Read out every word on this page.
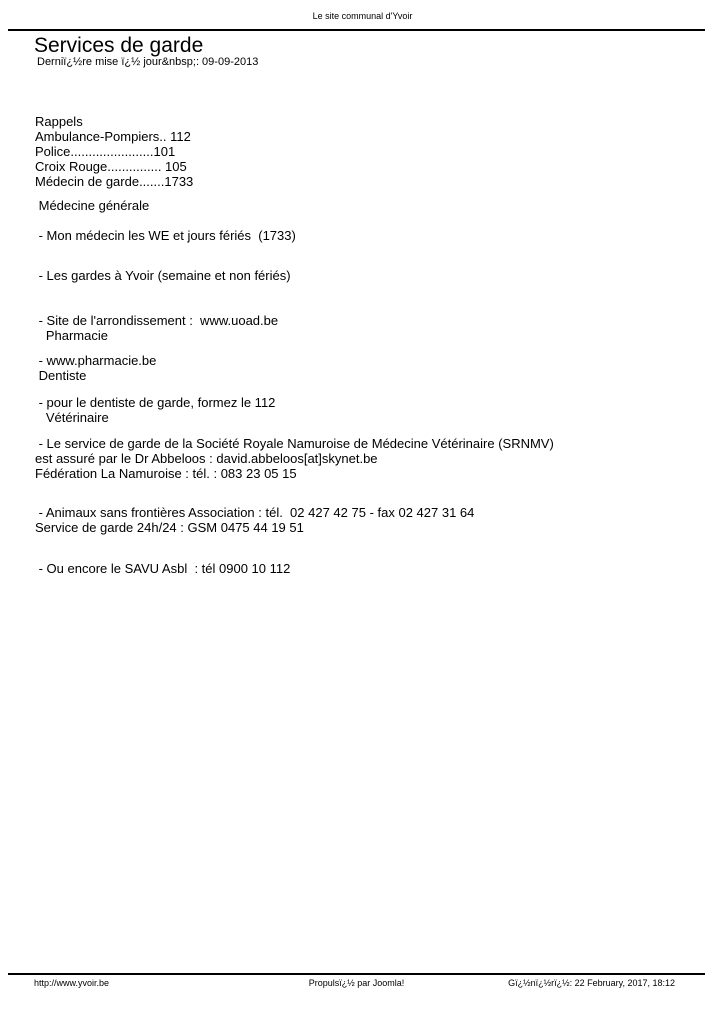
Le site communal d'Yvoir
Services de garde
Derniï¿½re mise ï¿½ jour&nbsp;: 09-09-2013
Rappels
Ambulance-Pompiers.. 112
Police.......................101
Croix Rouge............... 105
Médecin de garde.......1733
Médecine générale
- Mon médecin les WE et jours fériés  (1733)
- Les gardes à Yvoir (semaine et non fériés)
- Site de l'arrondissement :  www.uoad.be
Pharmacie
- www.pharmacie.be
Dentiste
- pour le dentiste de garde, formez le 112
Vétérinaire
- Le service de garde de la Société Royale Namuroise de Médecine Vétérinaire (SRNMV)
est assuré par le Dr Abbeloos : david.abbeloos[at]skynet.be
Fédération La Namuroise : tél. : 083 23 05 15
- Animaux sans frontières Association : tél.  02 427 42 75 - fax 02 427 31 64
Service de garde 24h/24 : GSM 0475 44 19 51
- Ou encore le SAVU Asbl  : tél 0900 10 112
http://www.yvoir.be	Propulsï¿½ par Joomla!	Gï¿½nï¿½rï¿½: 22 February, 2017, 18:12
